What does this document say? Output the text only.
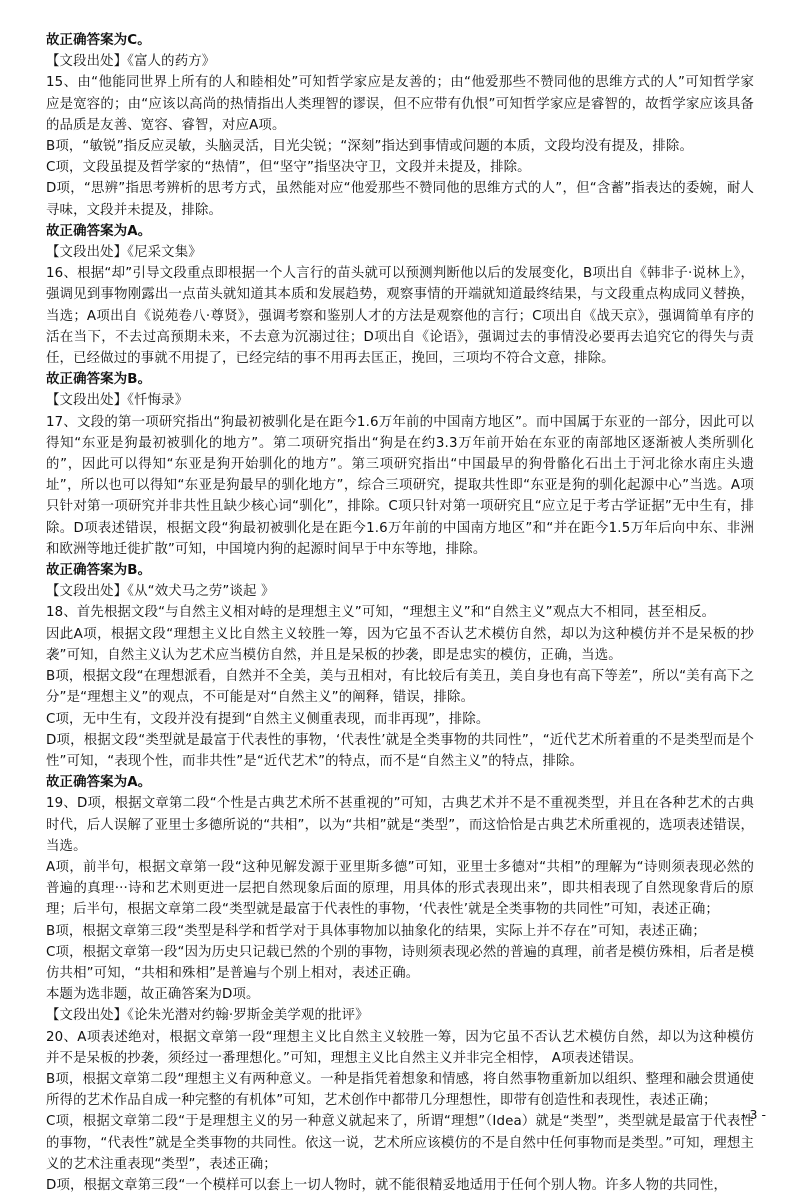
故正确答案为C。

【文段出处】《富人的药方》

15、由“他能同世界上所有的人和睦相处”可知哲学家应是友善的；由“他爱那些不赞同他的思维方式的人”可知哲学家应是宽容的；由“应该以高尚的热情指出人类理智的谬误，但不应带有仇恨”可知哲学家应是睿智的，故哲学家应该具备的品质是友善、宽容、睿智，对应A项。

B项，“敏锐”指反应灵敏，头脑灵活，目光尖锐；“深刻”指达到事情或问题的本质，文段均没有提及，排除。

C项，文段虽提及哲学家的“热情”，但“坚守”指坚决守卫，文段并未提及，排除。

D项，“思辨”指思考辨析的思考方式，虽然能对应“他爱那些不赞同他的思维方式的人”，但“含蓄”指表达的委婉，耐人寻味，文段并未提及，排除。

故正确答案为A。

【文段出处】《尼采文集》

16、根据“却”引导文段重点即根据一个人言行的苗头就可以预测判断他以后的发展变化，B项出自《韩非子·说林上》，强调见到事物刚露出一点苗头就知道其本质和发展趋势，观察事情的开端就知道最终结果，与文段重点构成同义替换，当选；A项出自《说苑卷八·尊贤》，强调考察和鉴别人才的方法是观察他的言行；C项出自《战天京》，强调简单有序的活在当下，不去过高预期未来，不去意为沉溺过往；D项出自《论语》，强调过去的事情没必要再去追究它的得失与责任，已经做过的事就不用提了，已经完结的事不用再去匡正，挽回，三项均不符合文意，排除。

故正确答案为B。

【文段出处】《忏悔录》

17、文段的第一项研究指出“狗最初被驯化是在距今1.6万年前的中国南方地区”。而中国属于东亚的一部分，因此可以得知“东亚是狗最初被驯化的地方”。第二项研究指出“狗是在约3.3万年前开始在东亚的南部地区逐渐被人类所驯化的”，因此可以得知“东亚是狗开始驯化的地方”。第三项研究指出“中国最早的狗骨骼化石出土于河北徐水南庄头遗址”，所以也可以得知“东亚是狗最早的驯化地方”，综合三项研究，提取共性即“东亚是狗的驯化起源中心”当选。A项只针对第一项研究并非共性且缺少核心词“驯化”，排除。C项只针对第一项研究且“应立足于考古学证据”无中生有，排除。D项表述错误，根据文段“狗最初被驯化是在距今1.6万年前的中国南方地区”和“并在距今1.5万年后向中东、非洲和欧洲等地迁徙扩散”可知，中国境内狗的起源时间早于中东等地，排除。

故正确答案为B。

【文段出处】《从“效犬马之劳”谈起 》

18、首先根据文段“与自然主义相对峙的是理想主义”可知，“理想主义”和“自然主义”观点大不相同，甚至相反。

因此A项，根据文段“理想主义比自然主义较胜一筹，因为它虽不否认艺术模仿自然，却以为这种模仿并不是呆板的抄袭”可知，自然主义认为艺术应当模仿自然，并且是呆板的抄袭，即是忠实的模仿，正确，当选。

B项，根据文段“在理想派看，自然并不全美，美与丑相对，有比较后有美丑，美自身也有高下等差”，所以“美有高下之分”是“理想主义”的观点，不可能是对“自然主义”的阐释，错误，排除。

C项，无中生有，文段并没有提到“自然主义侧重表现，而非再现”，排除。

D项，根据文段“类型就是最富于代表性的事物，‘代表性’就是全类事物的共同性”，“近代艺术所着重的不是类型而是个性”可知，“表现个性，而非共性”是“近代艺术”的特点，而不是“自然主义”的特点，排除。

故正确答案为A。

19、D项，根据文章第二段“个性是古典艺术所不甚重视的”可知，古典艺术并不是不重视类型，并且在各种艺术的古典时代，后人误解了亚里士多德所说的“共相”，以为“共相”就是“类型”，而这恰恰是古典艺术所重视的，选项表述错误，当选。

A项，前半句，根据文章第一段“这种见解发源于亚里斯多德”可知，亚里士多德对“共相”的理解为“诗则须表现必然的普遍的真理···诗和艺术则更进一层把自然现象后面的原理，用具体的形式表现出来”，即共相表现了自然现象背后的原理；后半句，根据文章第二段“类型就是最富于代表性的事物，‘代表性’就是全类事物的共同性”可知，表述正确；

B项，根据文章第三段“类型是科学和哲学对于具体事物加以抽象化的结果，实际上并不存在”可知，表述正确；

C项，根据文章第一段“因为历史只记载已然的个别的事物，诗则须表现必然的普遍的真理，前者是模仿殊相，后者是模仿共相”可知，“共相和殊相”是普遍与个别上相对，表述正确。

本题为选非题，故正确答案为D项。

【文段出处】《论朱光潜对约翰·罗斯金美学观的批评》

20、A项表述绝对，根据文章第一段“理想主义比自然主义较胜一筹，因为它虽不否认艺术模仿自然，却以为这种模仿并不是呆板的抄袭，须经过一番理想化。”可知，理想主义比自然主义并非完全相悖， A项表述错误。

B项，根据文章第二段“理想主义有两种意义。一种是指凭着想象和情感，将自然事物重新加以组织、整理和融会贯通使所得的艺术作品自成一种完整的有机体”可知，艺术创作中都带几分理想性，即带有创造性和表现性，表述正确；

C项，根据文章第二段“于是理想主义的另一种意义就起来了，所谓“理想”（Idea）就是“类型”，类型就是最富于代表性的事物，“代表性”就是全类事物的共同性。依这一说，艺术所应该模仿的不是自然中任何事物而是类型。”可知，理想主义的艺术注重表现“类型”，表述正确；

D项，根据文章第三段“一个模样可以套上一切人物时，就不能很精妥地适用于任何个别人物。许多人物的共同性，

- 3 -
